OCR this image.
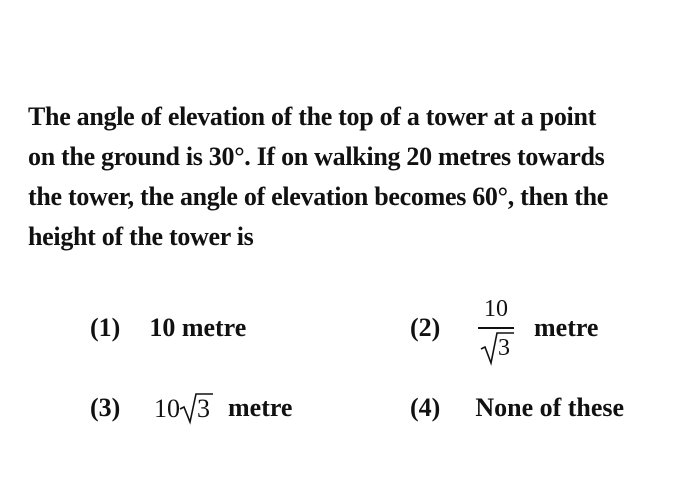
The angle of elevation of the top of a tower at a point
on the ground is 30°. If on walking 20 metres towards
the tower, the angle of elevation becomes 60°, then the
height of the tower is
(1) 10 metre	(2)
10
3
metre
(3) 10 3 metre	(4) None of these
